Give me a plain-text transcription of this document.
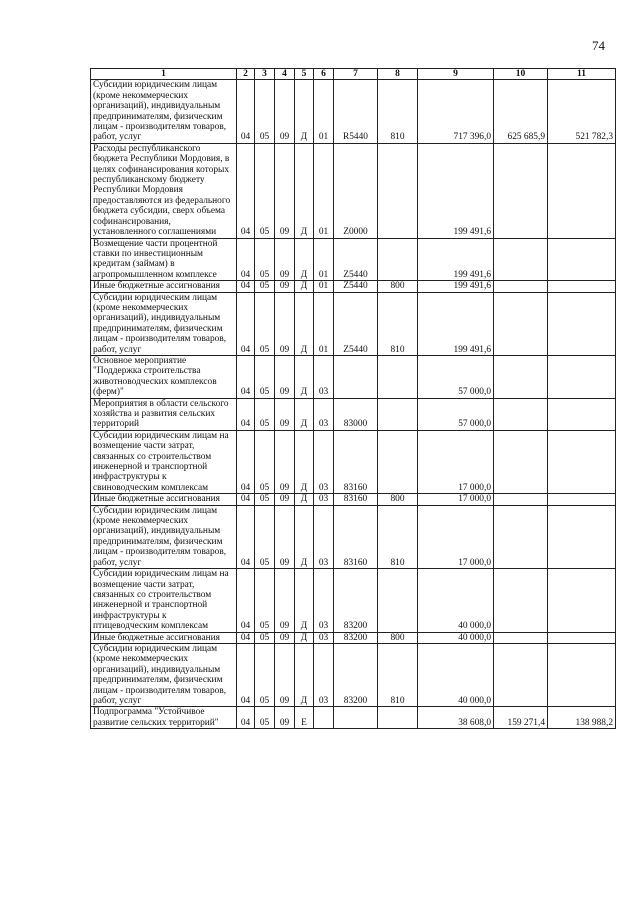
74
1	2	3	4	5	6	7	8	9	10	11
Субсидии юридическим лицам (кроме некоммерческих организаций), индивидуальным предпринимателям, физическим лицам - производителям товаров, работ, услуг	04	05	09	Д	01	R5440	810	717 396,0	625 685,9	521 782,3
Расходы республиканского бюджета Республики Мордовия, в целях софинансирования которых республиканскому бюджету Республики Мордовия предоставляются из федерального бюджета субсидии, сверх объема софинансирования, установленного соглашениями	04	05	09	Д	01	Z0000		199 491,6		
Возмещение части процентной ставки по инвестиционным кредитам (займам) в агропромышленном комплексе	04	05	09	Д	01	Z5440		199 491,6		
Иные бюджетные ассигнования	04	05	09	Д	01	Z5440	800	199 491,6		
Субсидии юридическим лицам (кроме некоммерческих организаций), индивидуальным предпринимателям, физическим лицам - производителям товаров, работ, услуг	04	05	09	Д	01	Z5440	810	199 491,6		
Основное мероприятие "Поддержка строительства животноводческих комплексов (ферм)"	04	05	09	Д	03			57 000,0		
Мероприятия в области сельского хозяйства и развития сельских территорий	04	05	09	Д	03	83000		57 000,0		
Субсидии юридическим лицам на возмещение части затрат, связанных со строительством инженерной и транспортной инфраструктуры к свиноводческим комплексам	04	05	09	Д	03	83160		17 000,0		
Иные бюджетные ассигнования	04	05	09	Д	03	83160	800	17 000,0		
Субсидии юридическим лицам (кроме некоммерческих организаций), индивидуальным предпринимателям, физическим лицам - производителям товаров, работ, услуг	04	05	09	Д	03	83160	810	17 000,0		
Субсидии юридическим лицам на возмещение части затрат, связанных со строительством инженерной и транспортной инфраструктуры к птицеводческим комплексам	04	05	09	Д	03	83200		40 000,0		
Иные бюджетные ассигнования	04	05	09	Д	03	83200	800	40 000,0		
Субсидии юридическим лицам (кроме некоммерческих организаций), индивидуальным предпринимателям, физическим лицам - производителям товаров, работ, услуг	04	05	09	Д	03	83200	810	40 000,0		
Подпрограмма "Устойчивое развитие сельских территорий"	04	05	09	Е				38 608,0	159 271,4	138 988,2
